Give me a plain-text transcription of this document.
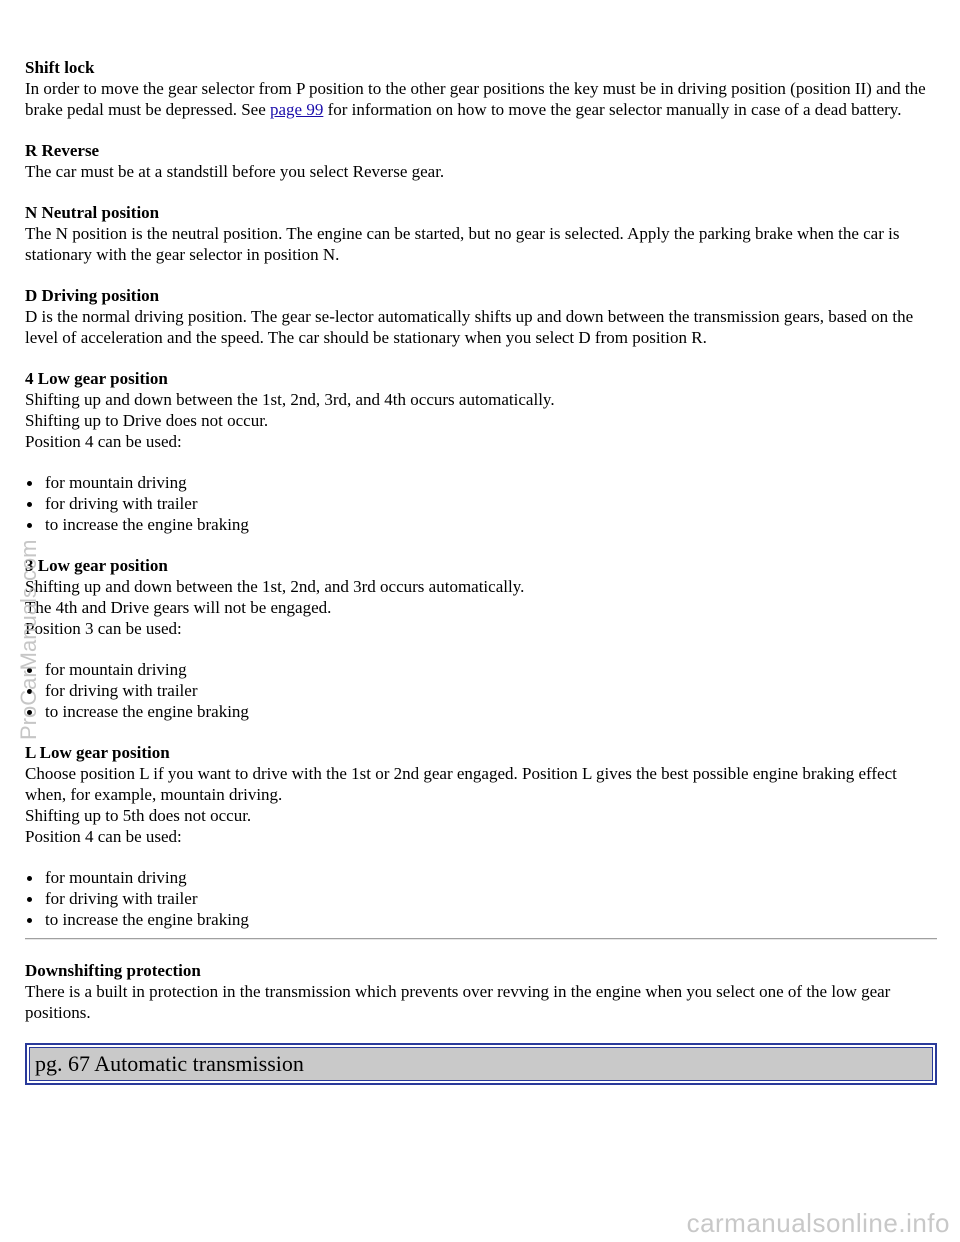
Shift lock
In order to move the gear selector from P position to the other gear positions the key must be in driving position (position II) and the brake pedal must be depressed. See page 99 for information on how to move the gear selector manually in case of a dead battery.
R Reverse
The car must be at a standstill before you select Reverse gear.
N Neutral position
The N position is the neutral position. The engine can be started, but no gear is selected. Apply the parking brake when the car is stationary with the gear selector in position N.
D Driving position
D is the normal driving position. The gear se-lector automatically shifts up and down between the transmission gears, based on the level of acceleration and the speed. The car should be stationary when you select D from position R.
4 Low gear position
Shifting up and down between the 1st, 2nd, 3rd, and 4th occurs automatically.
Shifting up to Drive does not occur.
Position 4 can be used:
for mountain driving
for driving with trailer
to increase the engine braking
3 Low gear position
Shifting up and down between the 1st, 2nd, and 3rd occurs automatically.
The 4th and Drive gears will not be engaged.
Position 3 can be used:
for mountain driving
for driving with trailer
to increase the engine braking
L Low gear position
Choose position L if you want to drive with the 1st or 2nd gear engaged. Position L gives the best possible engine braking effect when, for example, mountain driving.
Shifting up to 5th does not occur.
Position 4 can be used:
for mountain driving
for driving with trailer
to increase the engine braking
Downshifting protection
There is a built in protection in the transmission which prevents over revving in the engine when you select one of the low gear positions.
pg. 67 Automatic transmission
ProCarManuals.com
carmanualsonline.info
